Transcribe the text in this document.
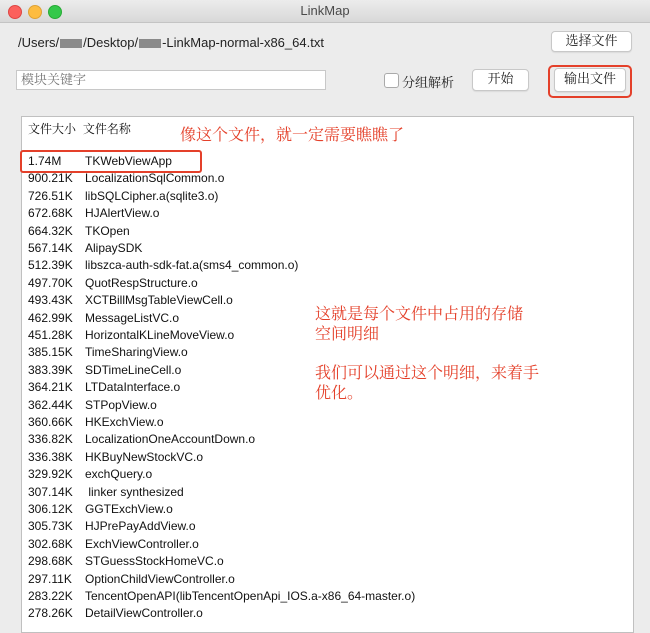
LinkMap
/Users/ /Desktop/ -LinkMap-normal-x86_64.txt	选择文件
模块关键字
分组解析	开始	输出文件
文件大小 文件名称
1.74M TKWebViewApp
900.21K LocalizationSqlCommon.o
726.51K libSQLCipher.a(sqlite3.o)
672.68K HJAlertView.o
664.32K TKOpen
567.14K AlipaySDK
512.39K libszca-auth-sdk-fat.a(sms4_common.o)
497.70K QuotRespStructure.o
493.43K XCTBillMsgTableViewCell.o
462.99K MessageListVC.o
451.28K HorizontalKLineMoveView.o
385.15K TimeSharingView.o
383.39K SDTimeLineCell.o
364.21K LTDataInterface.o
362.44K STPopView.o
360.66K HKExchView.o
336.82K LocalizationOneAccountDown.o
336.38K HKBuyNewStockVC.o
329.92K exchQuery.o
307.14K linker synthesized
306.12K GGTExchView.o
305.73K HJPrePayAddView.o
302.68K ExchViewController.o
298.68K STGuessStockHomeVC.o
297.11K OptionChildViewController.o
283.22K TencentOpenAPI(libTencentOpenApi_IOS.a-x86_64-master.o)
278.26K DetailViewController.o
像这个文件，就一定需要瞧瞧了
这就是每个文件中占用的存储
空间明细
我们可以通过这个明细，来着手
优化。
